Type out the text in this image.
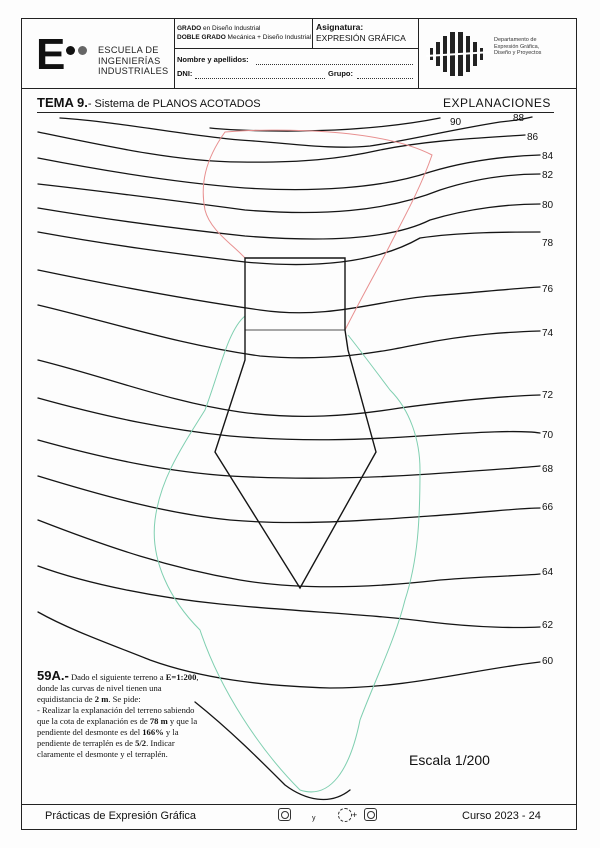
E	ESCUELA DE
INGENIERÍAS
INDUSTRIALES
GRADO en Diseño Industrial
DOBLE GRADO Mecánica + Diseño Industrial
Asignatura:
EXPRESIÓN GRÁFICA
Nombre y apellidos:
DNI:	Grupo:
Departamento de
Expresión Gráfica,
Diseño y Proyectos
TEMA 9.- Sistema de PLANOS ACOTADOS	EXPLANACIONES
90	88
86
84
82
80
78
76
74
72
70
68
66
64
62
60
59A.- Dado el siguiente terreno a E=1:200, donde las curvas de nivel tienen una equidistancia de 2 m. Se pide:
- Realizar la explanación del terreno sabiendo que la cota de explanación es de 78 m y que la pendiente del desmonte es del 166% y la pendiente de terraplén es de 5/2. Indicar claramente el desmonte y el terraplén.	Escala 1/200
Prácticas de Expresión Gráfica	y	+	Curso 2023 - 24
